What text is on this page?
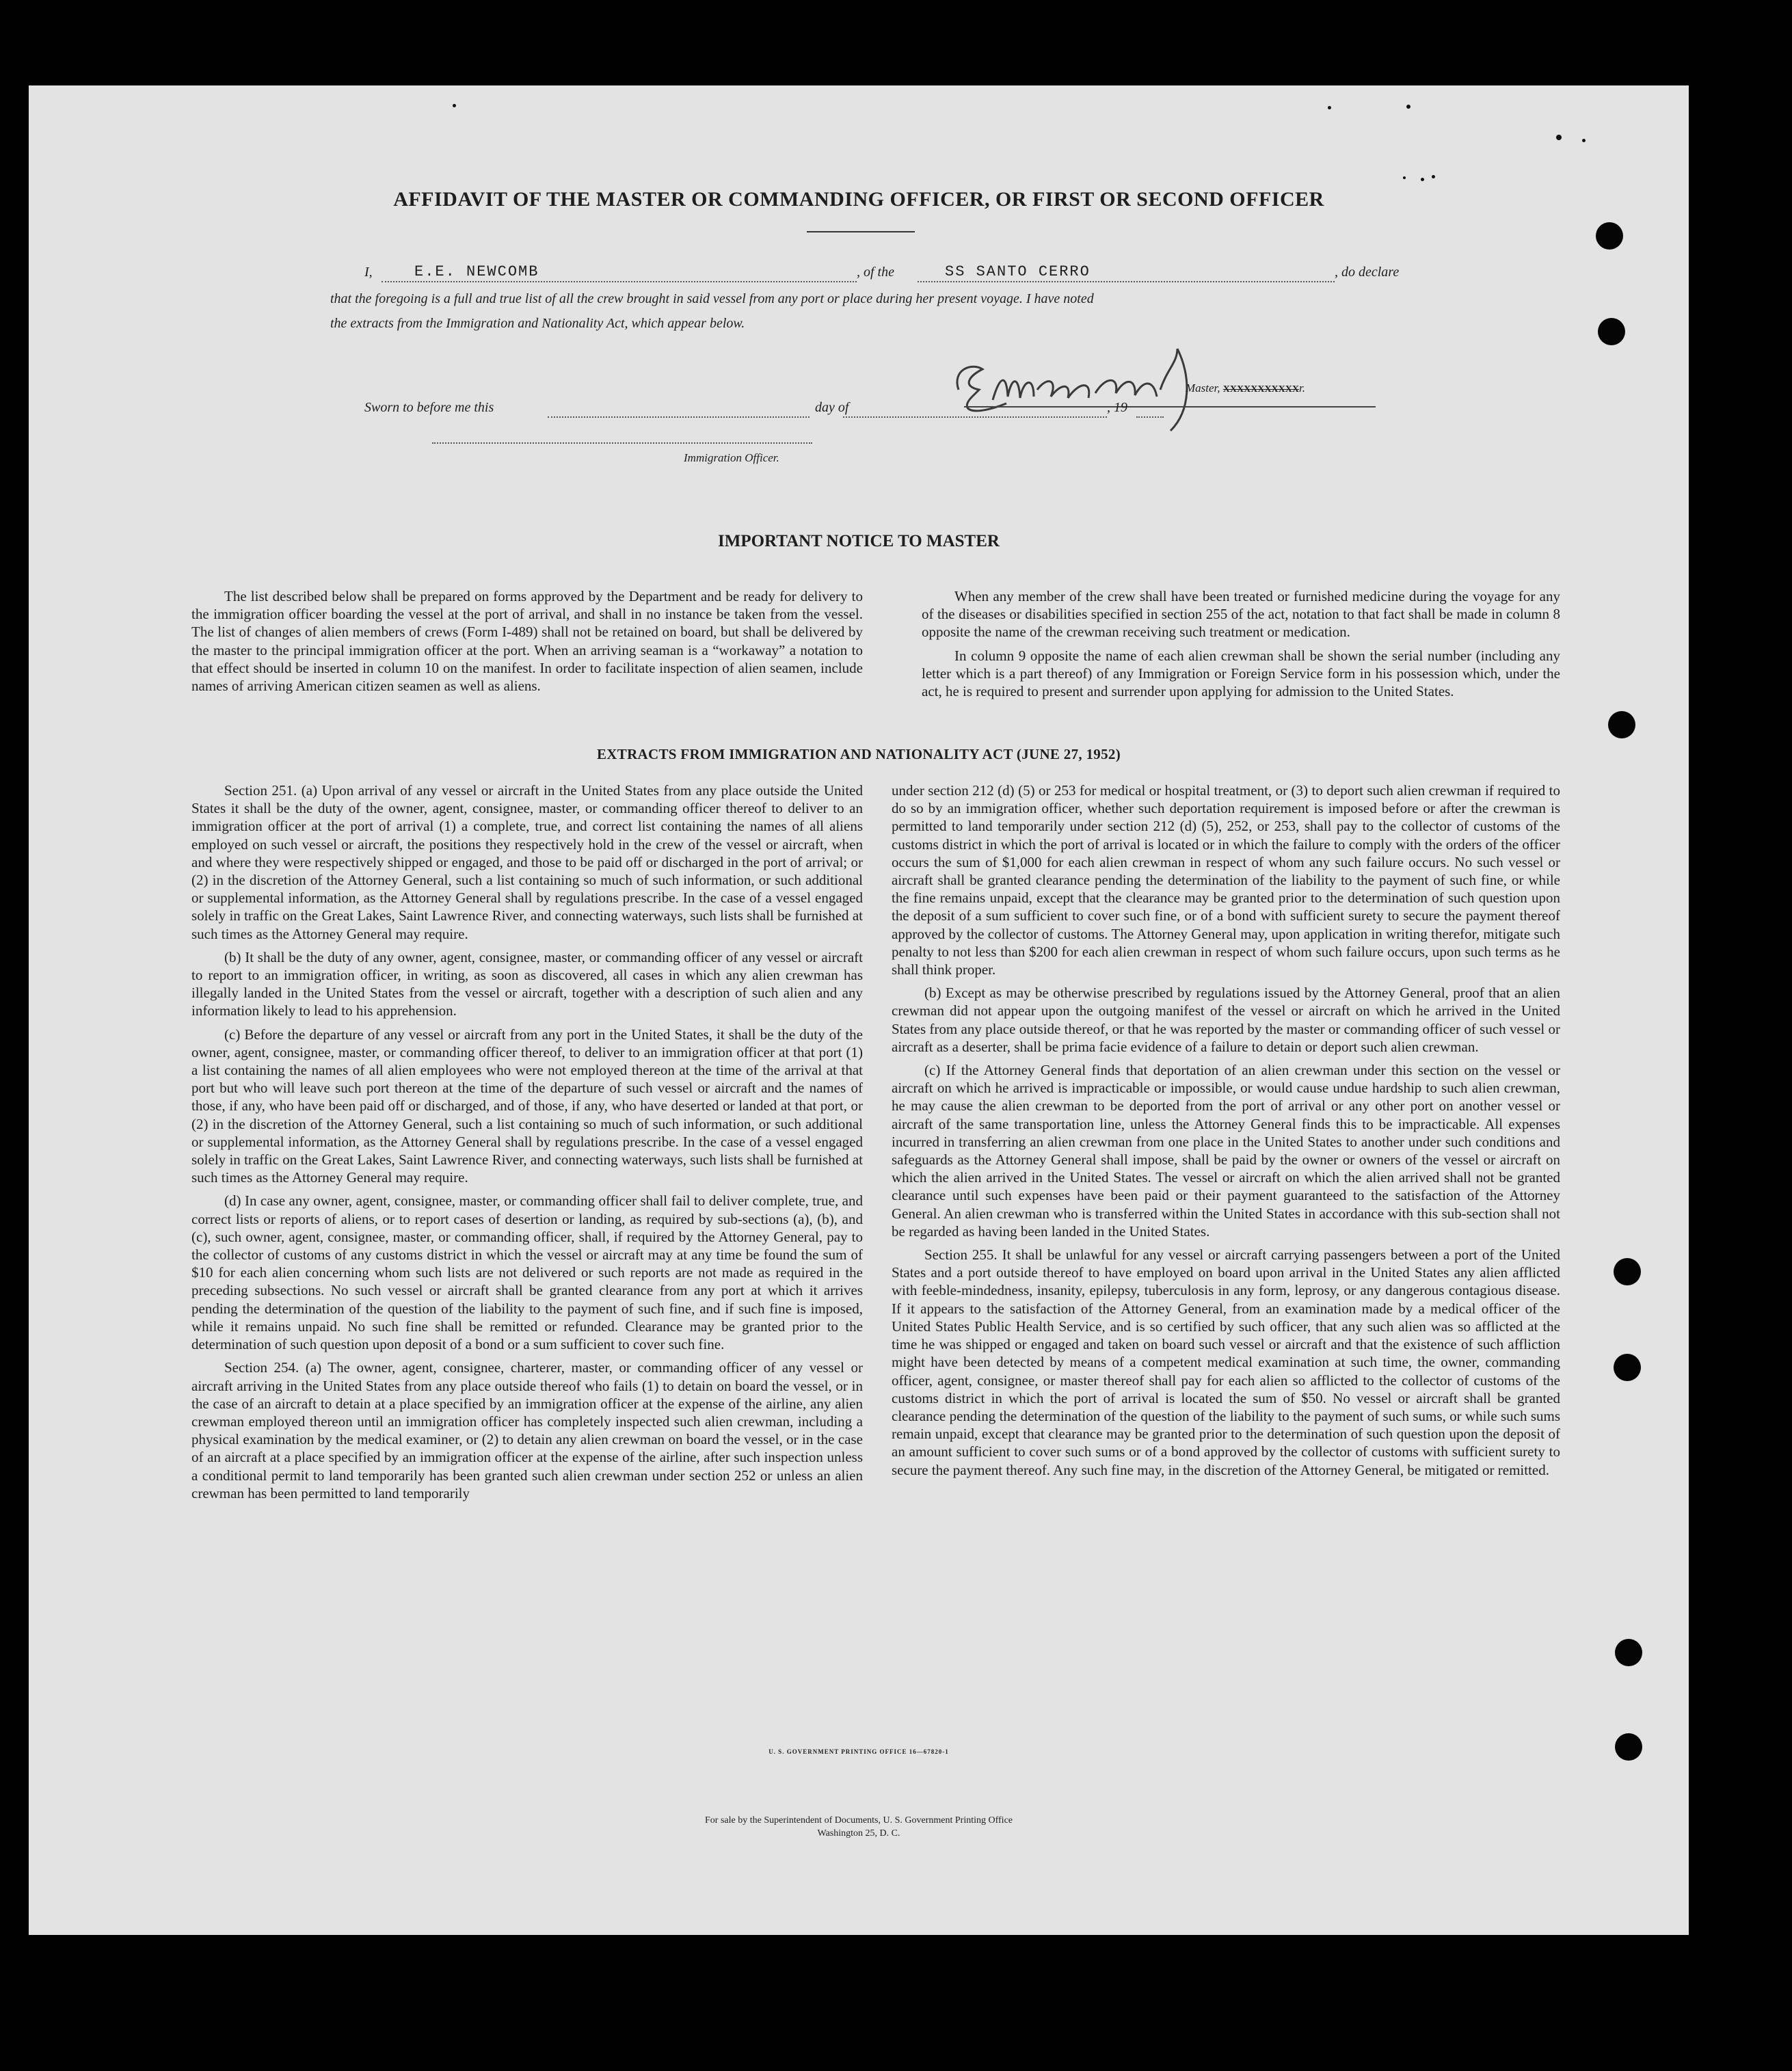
AFFIDAVIT OF THE MASTER OR COMMANDING OFFICER, OR FIRST OR SECOND OFFICER
I,	E.E. NEWCOMB	, of the	SS SANTO CERRO	, do declare
that the foregoing is a full and true list of all the crew brought in said vessel from any port or place during her present voyage. I have noted
the extracts from the Immigration and Nationality Act, which appear below.
Master, XXXXXXXXXXXr.
Sworn to before me this	day of	, 19
Immigration Officer.
IMPORTANT NOTICE TO MASTER

The list described below shall be prepared on forms approved by the Department and be ready for delivery to the immigration officer boarding the vessel at the port of arrival, and shall in no instance be taken from the vessel. The list of changes of alien members of crews (Form I-489) shall not be retained on board, but shall be delivered by the master to the principal immigration officer at the port. When an arriving seaman is a “workaway” a notation to that effect should be inserted in column 10 on the manifest. In order to facilitate inspection of alien seamen, include names of arriving American citizen seamen as well as aliens.

When any member of the crew shall have been treated or furnished medicine during the voyage for any of the diseases or disabilities specified in section 255 of the act, notation to that fact shall be made in column 8 opposite the name of the crewman receiving such treatment or medication.

In column 9 opposite the name of each alien crewman shall be shown the serial number (including any letter which is a part thereof) of any Immigration or Foreign Service form in his possession which, under the act, he is required to present and surrender upon applying for admission to the United States.

EXTRACTS FROM IMMIGRATION AND NATIONALITY ACT (JUNE 27, 1952)

Section 251. (a) Upon arrival of any vessel or aircraft in the United States from any place outside the United States it shall be the duty of the owner, agent, consignee, master, or commanding officer thereof to deliver to an immigration officer at the port of arrival (1) a complete, true, and correct list containing the names of all aliens employed on such vessel or aircraft, the positions they respectively hold in the crew of the vessel or aircraft, when and where they were respectively shipped or engaged, and those to be paid off or discharged in the port of arrival; or (2) in the discretion of the Attorney General, such a list containing so much of such information, or such additional or supplemental information, as the Attorney General shall by regulations prescribe. In the case of a vessel engaged solely in traffic on the Great Lakes, Saint Lawrence River, and connecting waterways, such lists shall be furnished at such times as the Attorney General may require.

(b) It shall be the duty of any owner, agent, consignee, master, or commanding officer of any vessel or aircraft to report to an immigration officer, in writing, as soon as discovered, all cases in which any alien crewman has illegally landed in the United States from the vessel or aircraft, together with a description of such alien and any information likely to lead to his apprehension.

(c) Before the departure of any vessel or aircraft from any port in the United States, it shall be the duty of the owner, agent, consignee, master, or commanding officer thereof, to deliver to an immigration officer at that port (1) a list containing the names of all alien employees who were not employed thereon at the time of the arrival at that port but who will leave such port thereon at the time of the departure of such vessel or aircraft and the names of those, if any, who have been paid off or discharged, and of those, if any, who have deserted or landed at that port, or (2) in the discretion of the Attorney General, such a list containing so much of such information, or such additional or supplemental information, as the Attorney General shall by regulations prescribe. In the case of a vessel engaged solely in traffic on the Great Lakes, Saint Lawrence River, and connecting waterways, such lists shall be furnished at such times as the Attorney General may require.

(d) In case any owner, agent, consignee, master, or commanding officer shall fail to deliver complete, true, and correct lists or reports of aliens, or to report cases of desertion or landing, as required by sub-sections (a), (b), and (c), such owner, agent, consignee, master, or commanding officer, shall, if required by the Attorney General, pay to the collector of customs of any customs district in which the vessel or aircraft may at any time be found the sum of $10 for each alien concerning whom such lists are not delivered or such reports are not made as required in the preceding subsections. No such vessel or aircraft shall be granted clearance from any port at which it arrives pending the determination of the question of the liability to the payment of such fine, and if such fine is imposed, while it remains unpaid. No such fine shall be remitted or refunded. Clearance may be granted prior to the determination of such question upon deposit of a bond or a sum sufficient to cover such fine.

Section 254. (a) The owner, agent, consignee, charterer, master, or commanding officer of any vessel or aircraft arriving in the United States from any place outside thereof who fails (1) to detain on board the vessel, or in the case of an aircraft to detain at a place specified by an immigration officer at the expense of the airline, any alien crewman employed thereon until an immigration officer has completely inspected such alien crewman, including a physical examination by the medical examiner, or (2) to detain any alien crewman on board the vessel, or in the case of an aircraft at a place specified by an immigration officer at the expense of the airline, after such inspection unless a conditional permit to land temporarily has been granted such alien crewman under section 252 or unless an alien crewman has been permitted to land temporarily

under section 212 (d) (5) or 253 for medical or hospital treatment, or (3) to deport such alien crewman if required to do so by an immigration officer, whether such deportation requirement is imposed before or after the crewman is permitted to land temporarily under section 212 (d) (5), 252, or 253, shall pay to the collector of customs of the customs district in which the port of arrival is located or in which the failure to comply with the orders of the officer occurs the sum of $1,000 for each alien crewman in respect of whom any such failure occurs. No such vessel or aircraft shall be granted clearance pending the determination of the liability to the payment of such fine, or while the fine remains unpaid, except that the clearance may be granted prior to the determination of such question upon the deposit of a sum sufficient to cover such fine, or of a bond with sufficient surety to secure the payment thereof approved by the collector of customs. The Attorney General may, upon application in writing therefor, mitigate such penalty to not less than $200 for each alien crewman in respect of whom such failure occurs, upon such terms as he shall think proper.

(b) Except as may be otherwise prescribed by regulations issued by the Attorney General, proof that an alien crewman did not appear upon the outgoing manifest of the vessel or aircraft on which he arrived in the United States from any place outside thereof, or that he was reported by the master or commanding officer of such vessel or aircraft as a deserter, shall be prima facie evidence of a failure to detain or deport such alien crewman.

(c) If the Attorney General finds that deportation of an alien crewman under this section on the vessel or aircraft on which he arrived is impracticable or impossible, or would cause undue hardship to such alien crewman, he may cause the alien crewman to be deported from the port of arrival or any other port on another vessel or aircraft of the same transportation line, unless the Attorney General finds this to be impracticable. All expenses incurred in transferring an alien crewman from one place in the United States to another under such conditions and safeguards as the Attorney General shall impose, shall be paid by the owner or owners of the vessel or aircraft on which the alien arrived in the United States. The vessel or aircraft on which the alien arrived shall not be granted clearance until such expenses have been paid or their payment guaranteed to the satisfaction of the Attorney General. An alien crewman who is transferred within the United States in accordance with this sub-section shall not be regarded as having been landed in the United States.

Section 255. It shall be unlawful for any vessel or aircraft carrying passengers between a port of the United States and a port outside thereof to have employed on board upon arrival in the United States any alien afflicted with feeble-mindedness, insanity, epilepsy, tuberculosis in any form, leprosy, or any dangerous contagious disease. If it appears to the satisfaction of the Attorney General, from an examination made by a medical officer of the United States Public Health Service, and is so certified by such officer, that any such alien was so afflicted at the time he was shipped or engaged and taken on board such vessel or aircraft and that the existence of such affliction might have been detected by means of a competent medical examination at such time, the owner, commanding officer, agent, consignee, or master thereof shall pay for each alien so afflicted to the collector of customs of the customs district in which the port of arrival is located the sum of $50. No vessel or aircraft shall be granted clearance pending the determination of the question of the liability to the payment of such sums, or while such sums remain unpaid, except that clearance may be granted prior to the determination of such question upon the deposit of an amount sufficient to cover such sums or of a bond approved by the collector of customs with sufficient surety to secure the payment thereof. Any such fine may, in the discretion of the Attorney General, be mitigated or remitted.

U. S. GOVERNMENT PRINTING OFFICE 16—67820-1
For sale by the Superintendent of Documents, U. S. Government Printing Office
Washington 25, D. C.
